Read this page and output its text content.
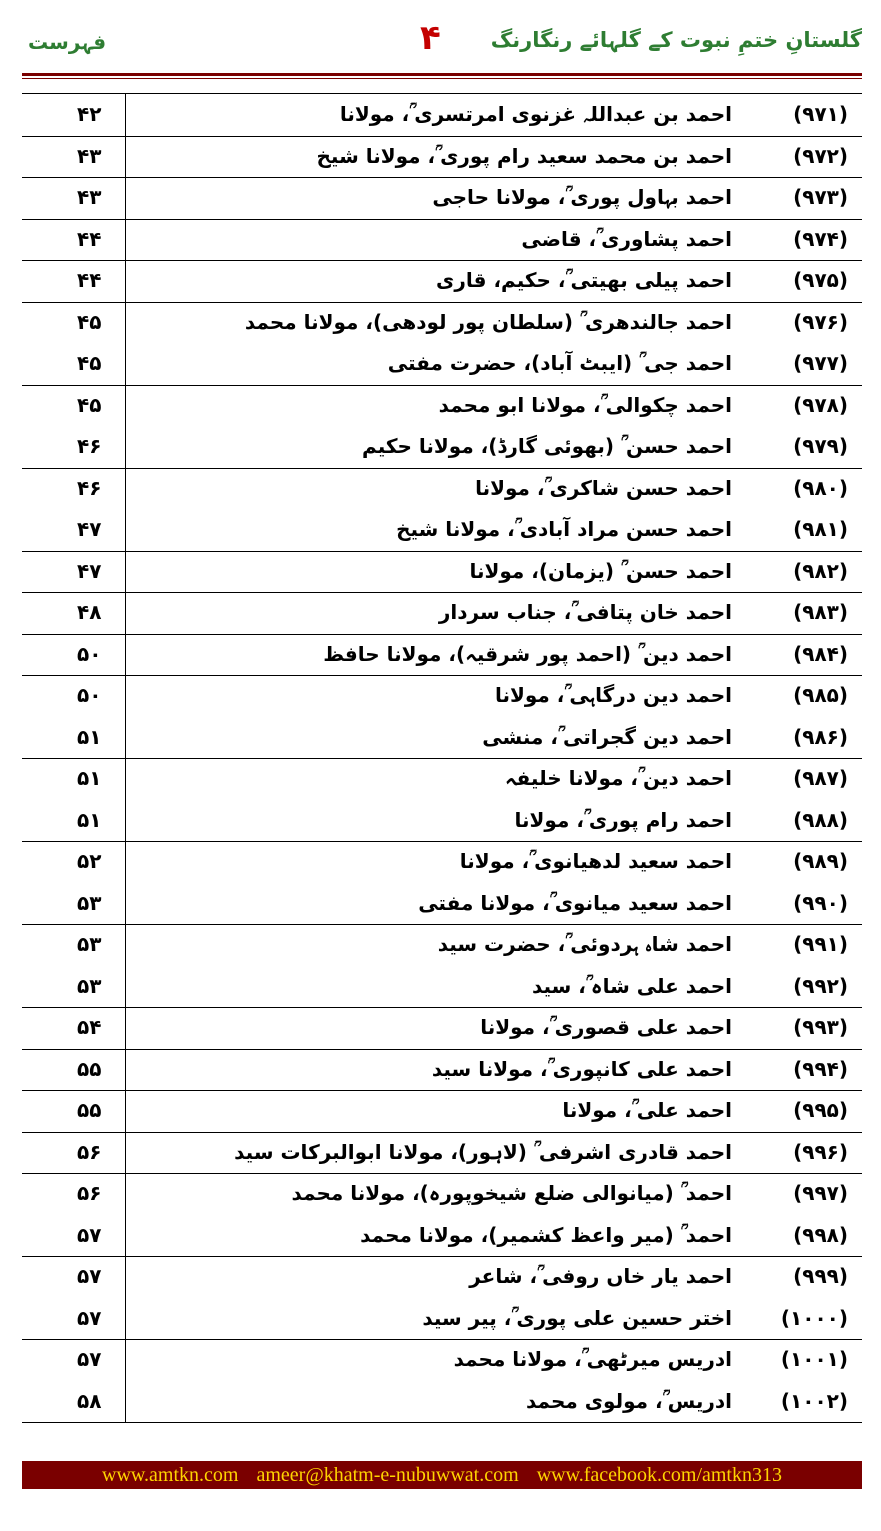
گلستانِ ختمِ نبوت کے گلہائے رنگارنگ
۴
فہرست
(۹۷۱)
احمد بن عبداللہ غزنوی امرتسری ؒ، مولانا
۴۲
(۹۷۲)
احمد بن محمد سعید رام پوری ؒ، مولانا شیخ
۴۳
(۹۷۳)
احمد بہاول پوری ؒ، مولانا حاجی
۴۳
(۹۷۴)
احمد پشاوری ؒ، قاضی
۴۴
(۹۷۵)
احمد پیلی بھیتی ؒ، حکیم، قاری
۴۴
(۹۷۶)
احمد جالندھری ؒ (سلطان پور لودھی)، مولانا محمد
۴۵
(۹۷۷)
احمد جی ؒ (ایبٹ آباد)، حضرت مفتی
۴۵
(۹۷۸)
احمد چکوالی ؒ، مولانا ابو محمد
۴۵
(۹۷۹)
احمد حسن ؒ (بھوئی گارڈ)، مولانا حکیم
۴۶
(۹۸۰)
احمد حسن شاکری ؒ، مولانا
۴۶
(۹۸۱)
احمد حسن مراد آبادی ؒ، مولانا شیخ
۴۷
(۹۸۲)
احمد حسن ؒ (یزمان)، مولانا
۴۷
(۹۸۳)
احمد خان پتافی ؒ، جناب سردار
۴۸
(۹۸۴)
احمد دین ؒ (احمد پور شرقیہ)، مولانا حافظ
۵۰
(۹۸۵)
احمد دین درگاہی ؒ، مولانا
۵۰
(۹۸۶)
احمد دین گجراتی ؒ، منشی
۵۱
(۹۸۷)
احمد دین ؒ، مولانا خلیفہ
۵۱
(۹۸۸)
احمد رام پوری ؒ، مولانا
۵۱
(۹۸۹)
احمد سعید لدھیانوی ؒ، مولانا
۵۲
(۹۹۰)
احمد سعید میانوی ؒ، مولانا مفتی
۵۳
(۹۹۱)
احمد شاہ ہردوئی ؒ، حضرت سید
۵۳
(۹۹۲)
احمد علی شاہ ؒ، سید
۵۳
(۹۹۳)
احمد علی قصوری ؒ، مولانا
۵۴
(۹۹۴)
احمد علی کانپوری ؒ، مولانا سید
۵۵
(۹۹۵)
احمد علی ؒ، مولانا
۵۵
(۹۹۶)
احمد قادری اشرفی ؒ (لاہور)، مولانا ابوالبرکات سید
۵۶
(۹۹۷)
احمد ؒ (میانوالی ضلع شیخوپورہ)، مولانا محمد
۵۶
(۹۹۸)
احمد ؒ (میر واعظ کشمیر)، مولانا محمد
۵۷
(۹۹۹)
احمد یار خاں روفی ؒ، شاعر
۵۷
(۱۰۰۰)
اختر حسین علی پوری ؒ، پیر سید
۵۷
(۱۰۰۱)
ادریس میرٹھی ؒ، مولانا محمد
۵۷
(۱۰۰۲)
ادریس ؒ، مولوی محمد
۵۸
www.amtkn.com ameer@khatm-e-nubuwwat.com www.facebook.com/amtkn313
